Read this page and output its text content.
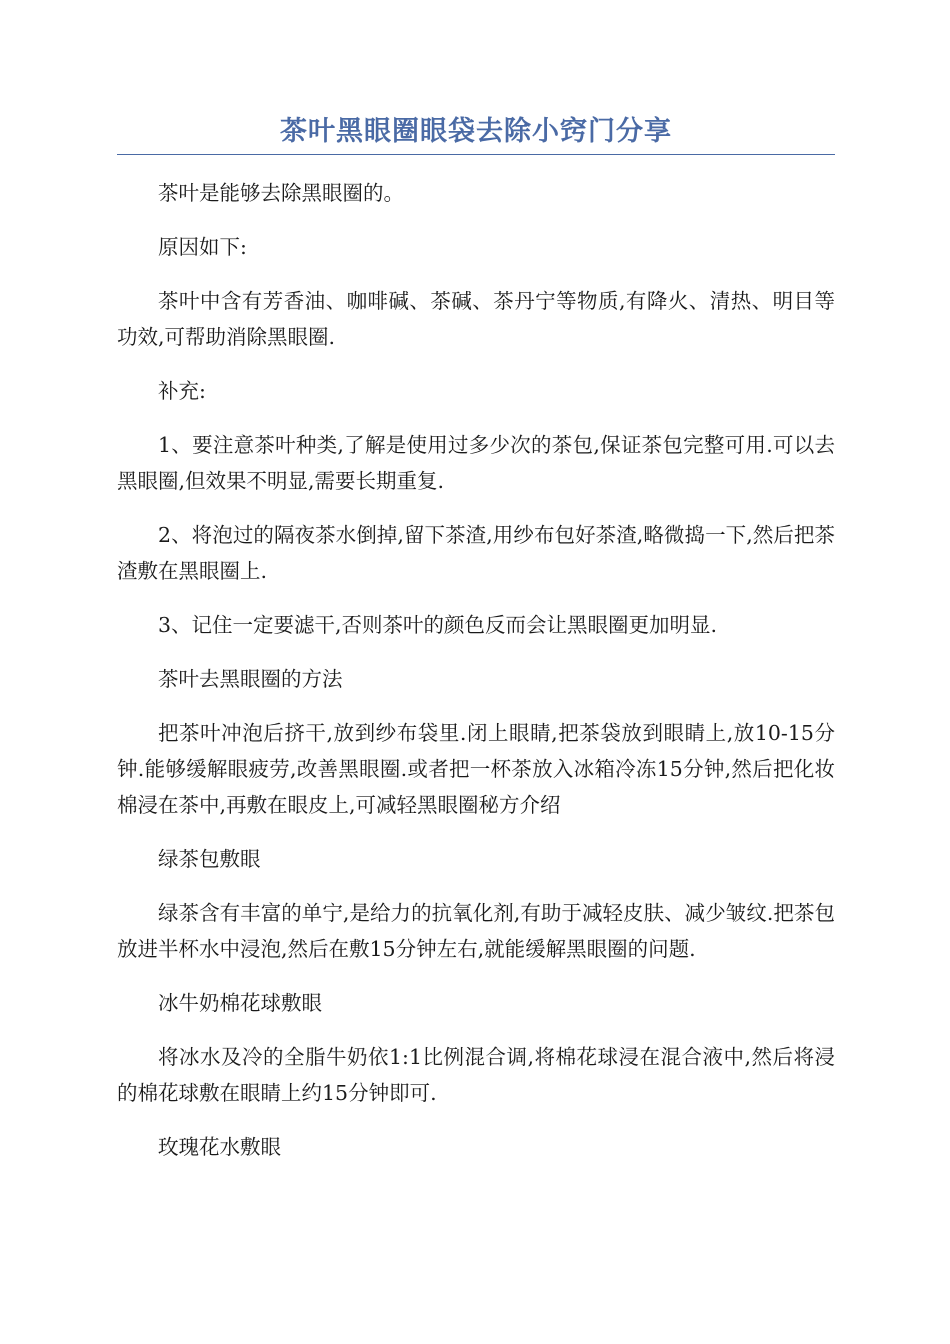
茶叶黑眼圈眼袋去除小窍门分享

茶叶是能够去除黑眼圈的。

原因如下:

茶叶中含有芳香油、咖啡碱、茶碱、茶丹宁等物质,有降火、清热、明目等功效,可帮助消除黑眼圈.

补充:

1、要注意茶叶种类,了解是使用过多少次的茶包,保证茶包完整可用.可以去黑眼圈,但效果不明显,需要长期重复.

2、将泡过的隔夜茶水倒掉,留下茶渣,用纱布包好茶渣,略微捣一下,然后把茶渣敷在黑眼圈上.

3、记住一定要滤干,否则茶叶的颜色反而会让黑眼圈更加明显.

茶叶去黑眼圈的方法

把茶叶冲泡后挤干,放到纱布袋里.闭上眼睛,把茶袋放到眼睛上,放10-15分钟.能够缓解眼疲劳,改善黑眼圈.或者把一杯茶放入冰箱冷冻15分钟,然后把化妆棉浸在茶中,再敷在眼皮上,可减轻黑眼圈秘方介绍

绿茶包敷眼

绿茶含有丰富的单宁,是给力的抗氧化剂,有助于减轻皮肤、减少皱纹.把茶包放进半杯水中浸泡,然后在敷15分钟左右,就能缓解黑眼圈的问题.

冰牛奶棉花球敷眼

将冰水及冷的全脂牛奶依1:1比例混合调,将棉花球浸在混合液中,然后将浸的棉花球敷在眼睛上约15分钟即可.

玫瑰花水敷眼
